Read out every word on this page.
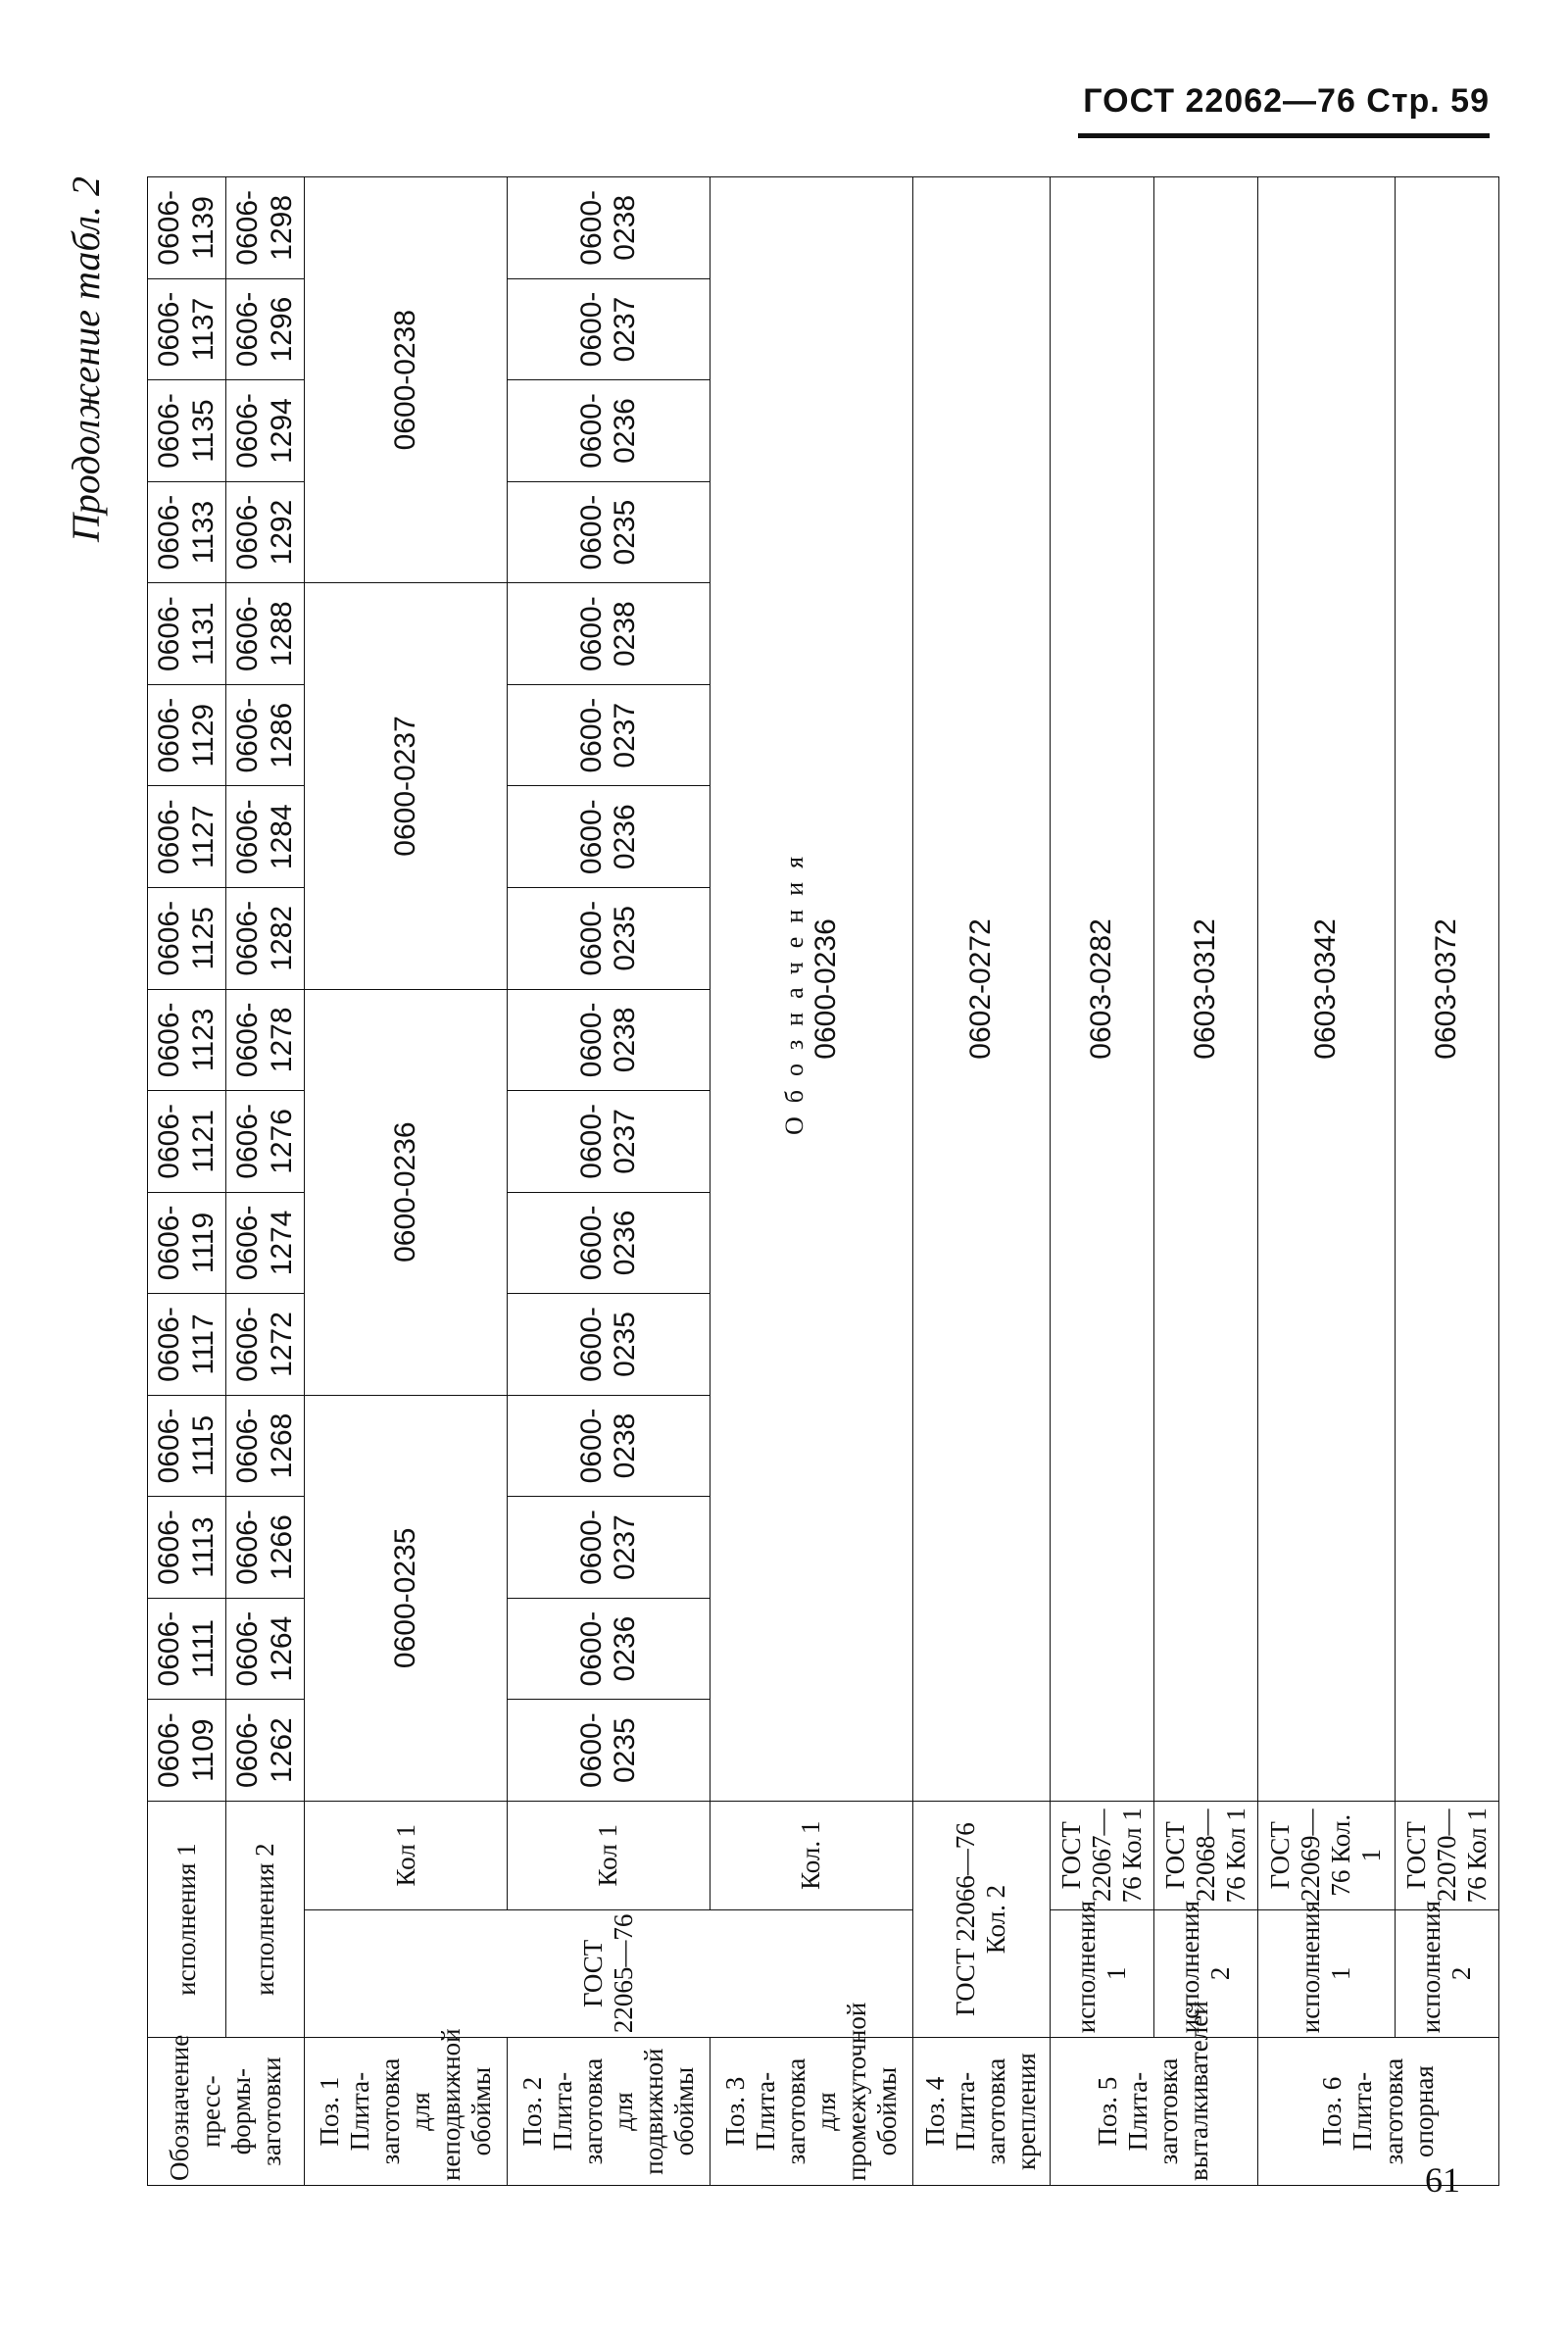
ГОСТ 22062—76 Стр. 59
Продолжение табл. 2
Обозначение пресс-формы-заготовки	исполнения 1		0606-1109	0606-1111	0606-1113	0606-1115	0606-1117	0606-1119	0606-1121	0606-1123	0606-1125	0606-1127	0606-1129	0606-1131	0606-1133	0606-1135	0606-1137	0606-1139
	исполнения 2		0606-1262	0606-1264	0606-1266	0606-1268	0606-1272	0606-1274	0606-1276	0606-1278	0606-1282	0606-1284	0606-1286	0606-1288	0606-1292	0606-1294	0606-1296	0606-1298
Поз. 1 Плита-заготовка для неподвижной обоймы	ГОСТ 22065—76	Кол 1	0600-0235				0600-0236				0600-0237				0600-0238			
Поз. 2 Плита-заготовка для подвижной обоймы		Кол 1	0600-0235	0600-0236	0600-0237	0600-0238	0600-0235	0600-0236	0600-0237	0600-0238	0600-0235	0600-0236	0600-0237	0600-0238	0600-0235	0600-0236	0600-0237	0600-0238
Поз. 3 Плита-заготовка для промежуточной обоймы		Кол. 1	Обозначения 0600-0236															

Поз. 4 Плита-заготовка крепления	ГОСТ 22066—76 Кол. 2		0602-0272															
Поз. 5 Плита-заготовка выталкивателей	исполнения 1	ГОСТ 22067—76 Кол 1	0603-0282															
	исполнения 2	ГОСТ 22068—76 Кол 1	0603-0312															
Поз. 6 Плита-заготовка опорная	исполнения 1	ГОСТ 22069—76 Кол. 1	0603-0342															
	исполнения 2	ГОСТ 22070—76 Кол 1	0603-0372															
61
